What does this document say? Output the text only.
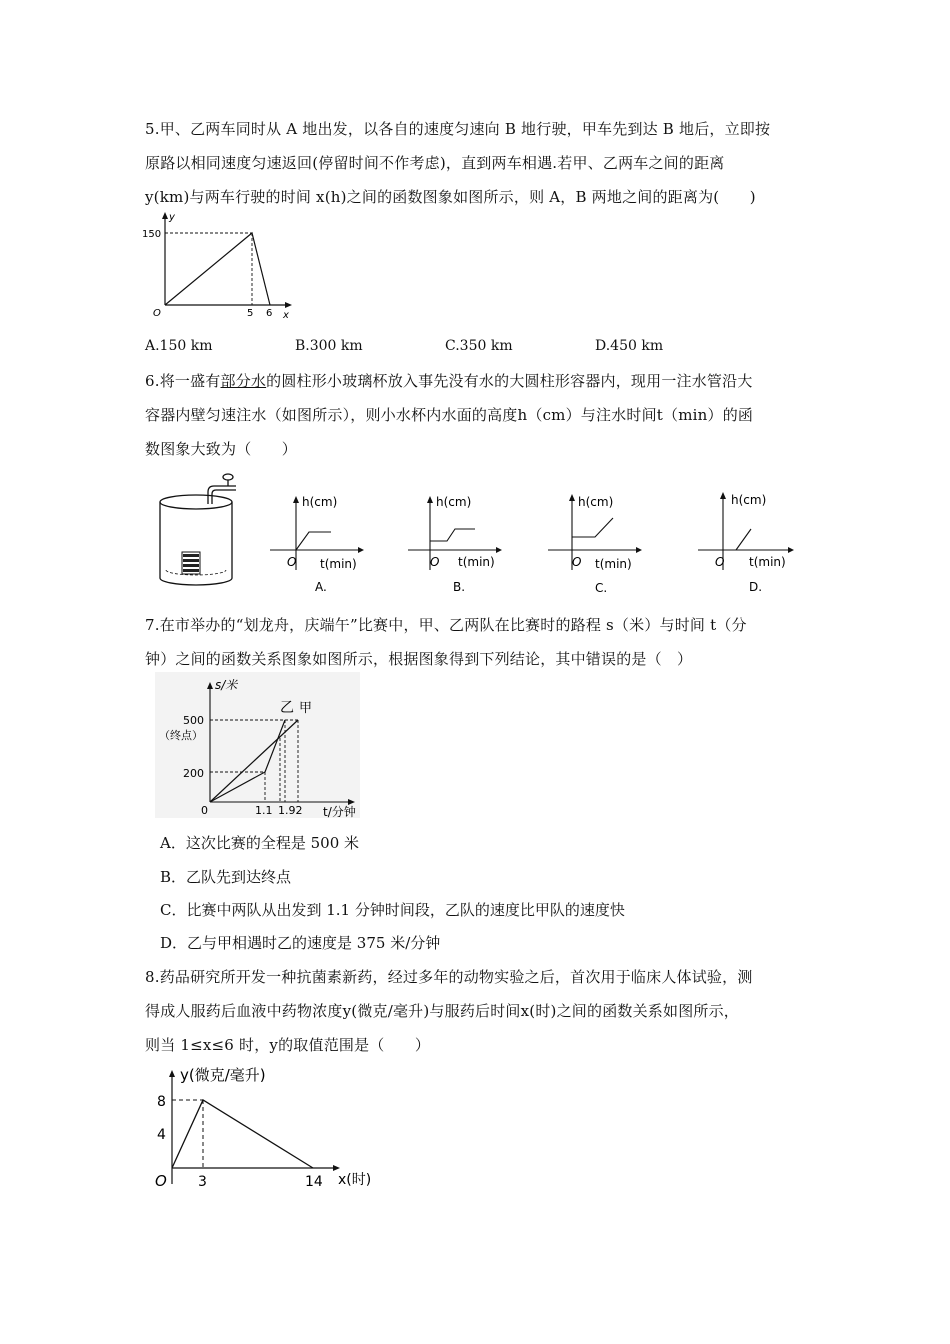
5.甲、乙两车同时从 A 地出发，以各自的速度匀速向 B 地行驶，甲车先到达 B 地后，立即按
原路以相同速度匀速返回(停留时间不作考虑)，直到两车相遇.若甲、乙两车之间的距离
y(km)与两车行驶的时间 x(h)之间的函数图象如图所示，则 A，B 两地之间的距离为(　　)
y
x
O
150
5 6
A.150 km	B.300 km	C.350 km	D.450 km
6.将一盛有部分水的圆柱形小玻璃杯放入事先没有水的大圆柱形容器内，现用一注水管沿大
容器内壁匀速注水（如图所示），则小水杯内水面的高度h（cm）与注水时间t（min）的函
数图象大致为（　　）
h(cm)
t(min)
O
A.
h(cm)
t(min)
O
B.
h(cm)
t(min)
O
C.
h(cm)
t(min)
O
D.
7.在市举办的“划龙舟，庆端午”比赛中，甲、乙两队在比赛时的路程 s（米）与时间 t（分
钟）之间的函数关系图象如图所示，根据图象得到下列结论，其中错误的是（　）
s/米
t/分钟
0
500
（终点）
200
1.1 1.92
乙 甲
A．这次比赛的全程是 500 米
B．乙队先到达终点
C．比赛中两队从出发到 1.1 分钟时间段，乙队的速度比甲队的速度快
D．乙与甲相遇时乙的速度是 375 米/分钟
8.药品研究所开发一种抗菌素新药，经过多年的动物实验之后，首次用于临床人体试验，测
得成人服药后血液中药物浓度y(微克/毫升)与服药后时间x(时)之间的函数关系如图所示，
则当 1≤x≤6 时，y的取值范围是（　　）
y(微克/毫升)
x(时)
O
8
4
3	14
